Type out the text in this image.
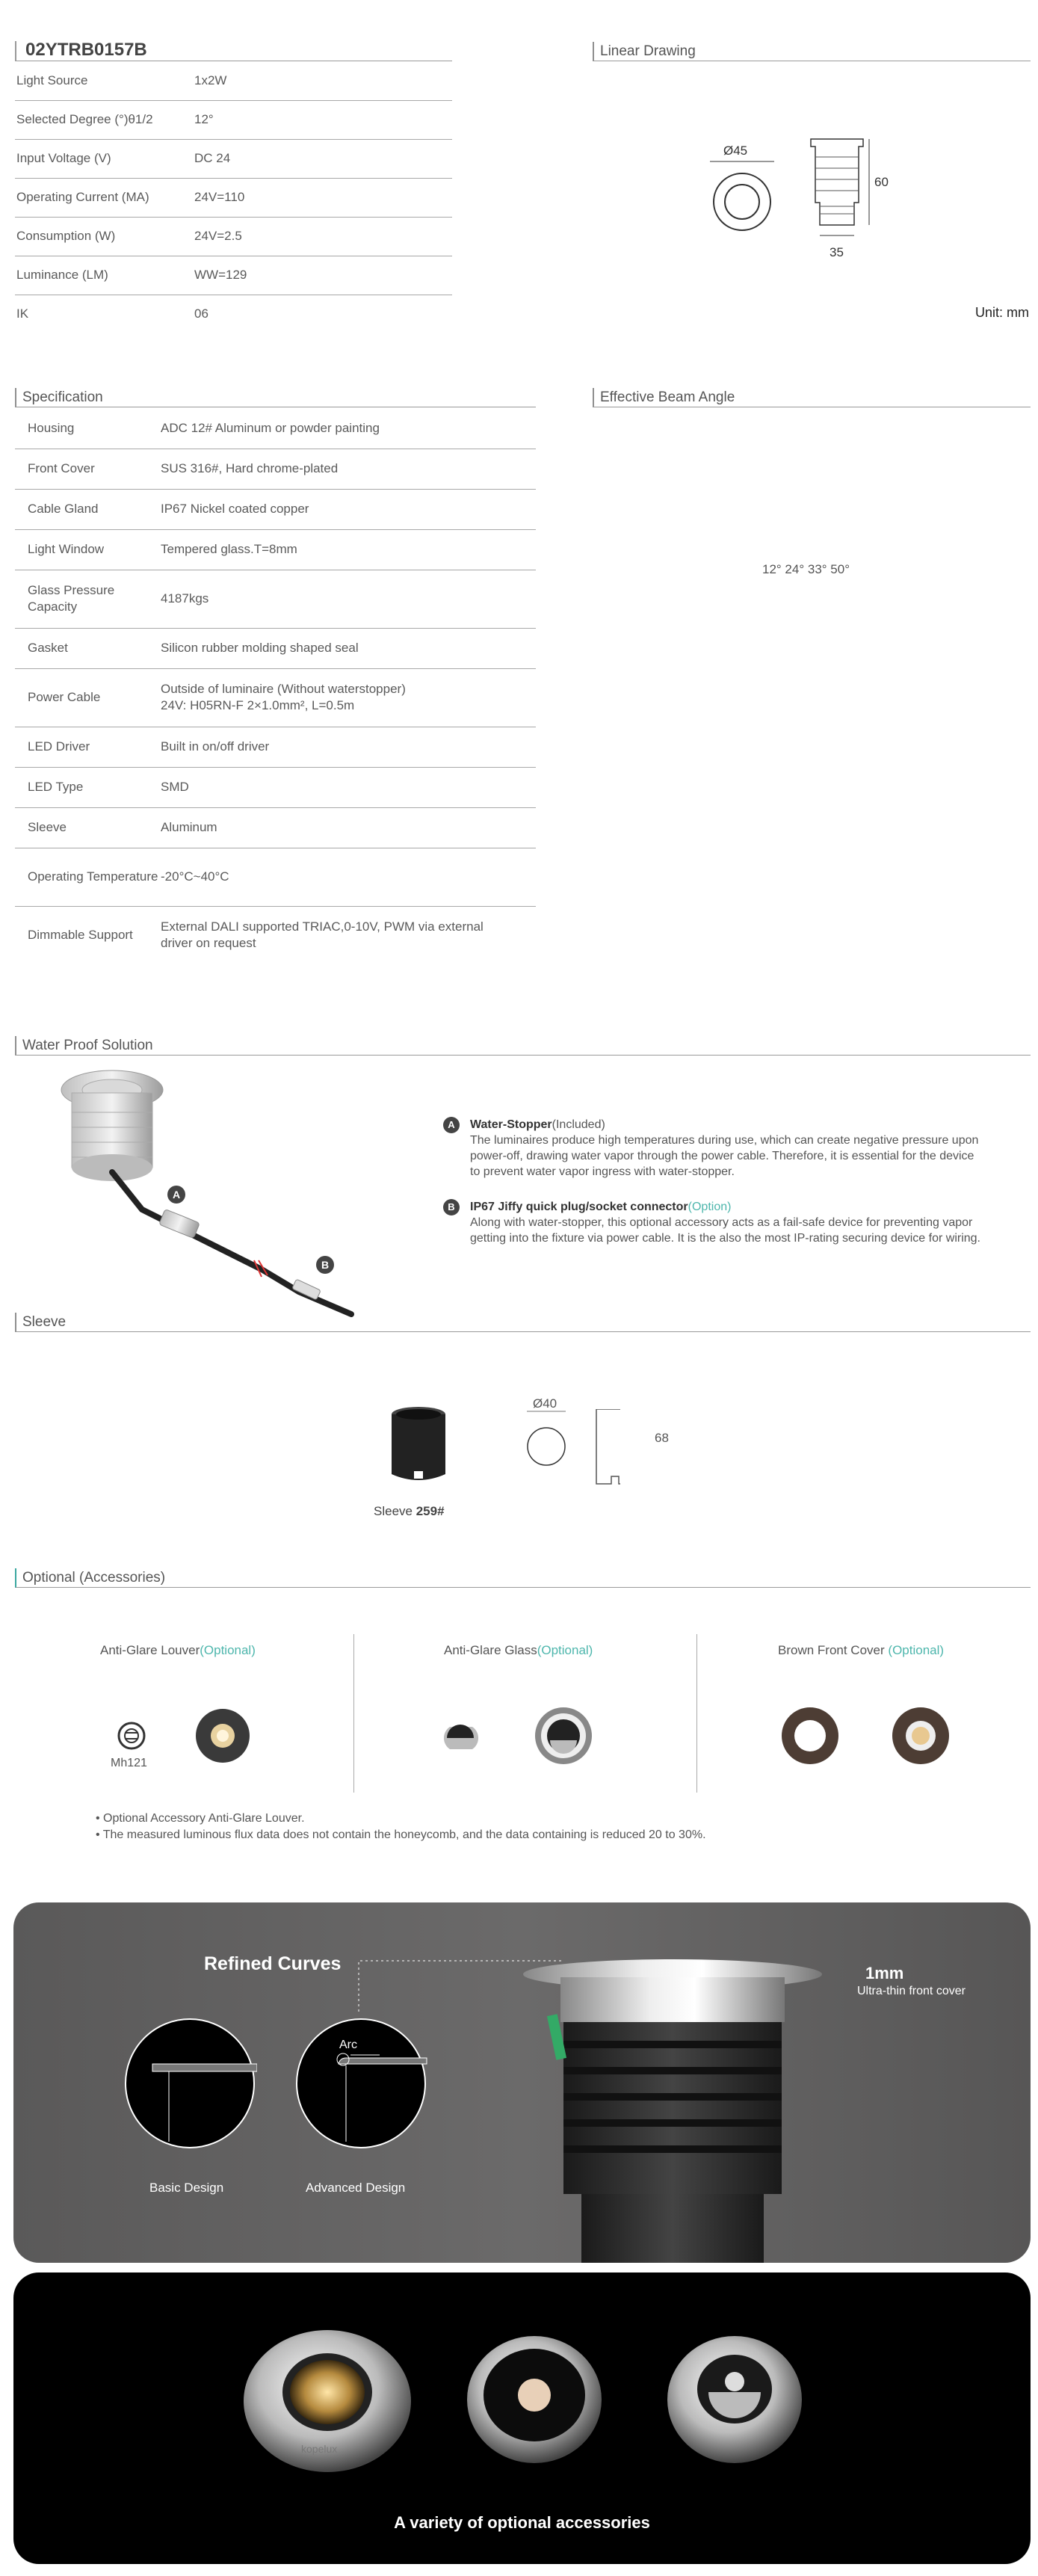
02YTRB0157B
Light Source	1x2W
Selected Degree (°)θ1/2	12°
Input Voltage (V)	DC 24
Operating Current (MA)	24V=110
Consumption (W)	24V=2.5
Luminance (LM)	WW=129
IK	06
Linear Drawing
Ø45
60
35
Unit: mm
Specification
Housing	ADC 12# Aluminum or powder painting
Front Cover	SUS 316#, Hard chrome-plated
Cable Gland	IP67 Nickel coated copper
Light Window	Tempered glass.T=8mm
Glass Pressure Capacity	4187kgs
Gasket	Silicon rubber molding shaped seal
Power Cable	Outside of luminaire (Without waterstopper) 24V: H05RN-F 2×1.0mm², L=0.5m
LED Driver	Built in on/off driver
LED Type	SMD
Sleeve	Aluminum
Operating Temperature	-20°C~40°C
Dimmable Support	External DALI supported TRIAC,0-10V, PWM via external driver on request
Effective Beam Angle
12° 24° 33° 50°
Water Proof Solution
A
B
A	Water-Stopper(Included)
The luminaires produce high temperatures during use, which can create negative pressure upon power-off, drawing water vapor through the power cable. Therefore, it is essential for the device to prevent water vapor ingress with water-stopper.
B	IP67 Jiffy quick plug/socket connector(Option)
Along with water-stopper, this optional accessory acts as a fail-safe device for preventing vapor getting into the fixture via power cable. It is the also the most IP-rating securing device for wiring.
Sleeve
Sleeve 259#
Ø40
68
Optional (Accessories)
Anti-Glare Louver(Optional)	Anti-Glare Glass(Optional)	Brown Front Cover (Optional)
Mh121
• Optional Accessory Anti-Glare Louver.
• The measured luminous flux data does not contain the honeycomb, and the data containing is reduced 20 to 30%.
Refined Curves
Basic Design
Arc
Advanced Design
1mm
Ultra-thin front cover
kopelux
A variety of optional accessories
